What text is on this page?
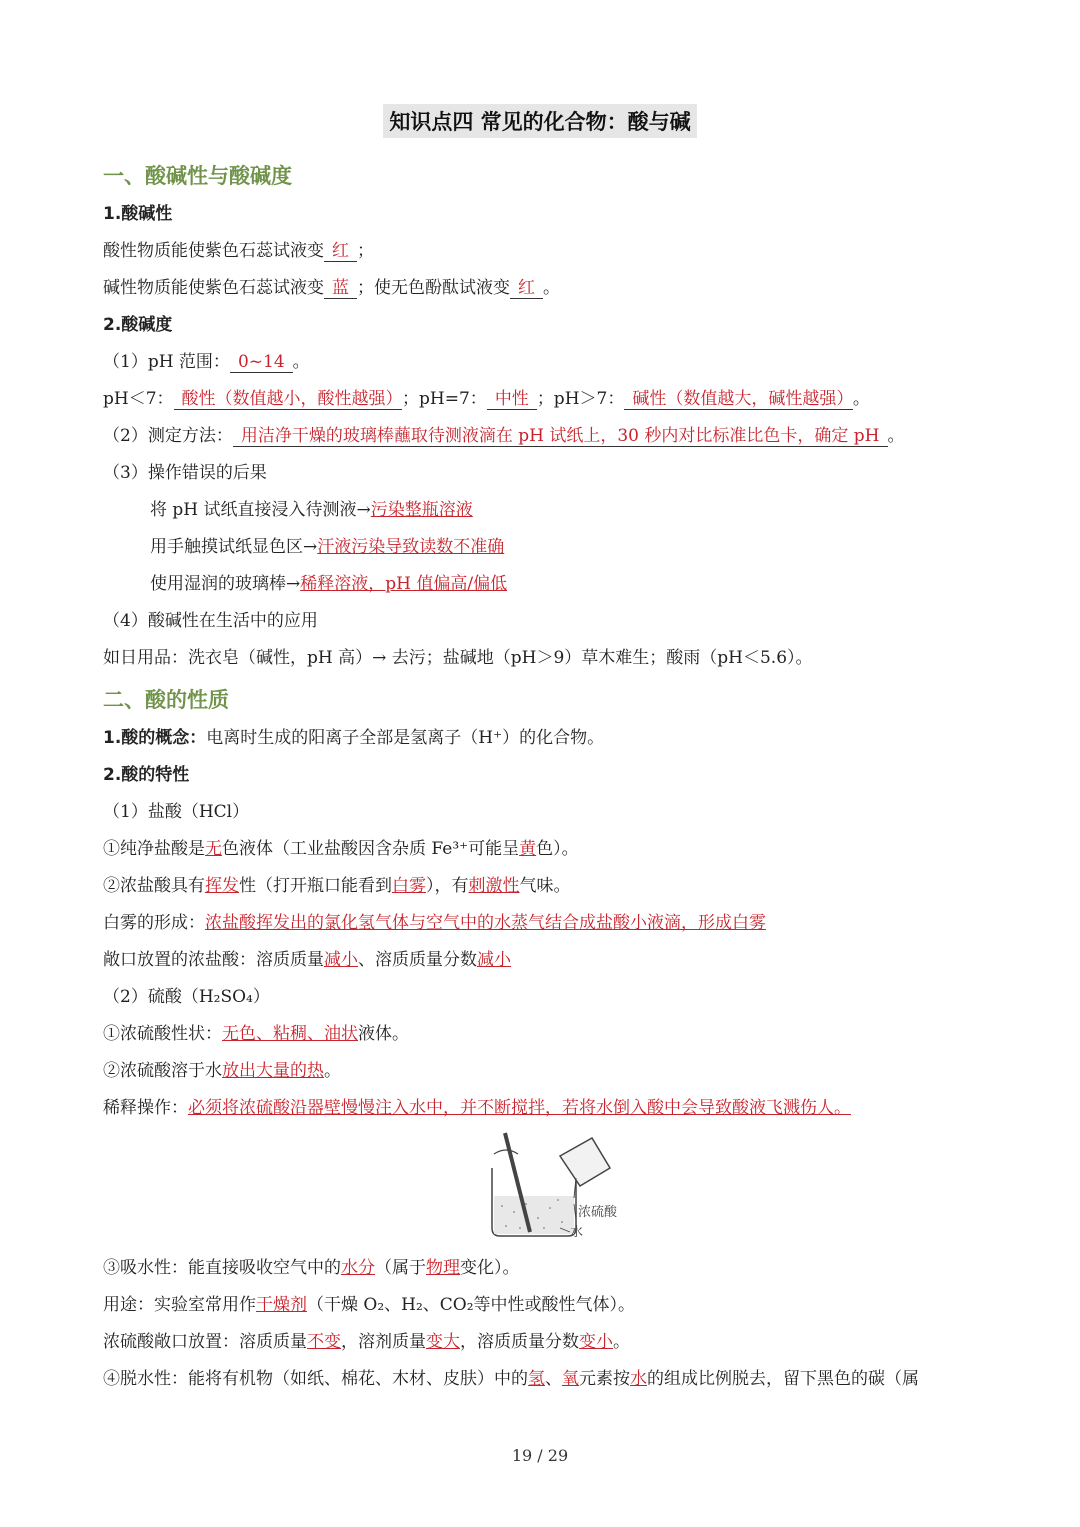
知识点四 常见的化合物：酸与碱
一、酸碱性与酸碱度
1.酸碱性
酸性物质能使紫色石蕊试液变 红 ；
碱性物质能使紫色石蕊试液变 蓝 ；使无色酚酞试液变 红 。
2.酸碱度
（1）pH 范围： 0~14 。
pH＜7： 酸性（数值越小，酸性越强） ；pH=7： 中性 ；pH＞7： 碱性（数值越大，碱性越强） 。
（2）测定方法： 用洁净干燥的玻璃棒蘸取待测液滴在 pH 试纸上，30 秒内对比标准比色卡，确定 pH 。
（3）操作错误的后果
将 pH 试纸直接浸入待测液→污染整瓶溶液
用手触摸试纸显色区→汗液污染导致读数不准确
使用湿润的玻璃棒→稀释溶液，pH 值偏高/偏低
（4）酸碱性在生活中的应用
如日用品：洗衣皂（碱性，pH 高）→ 去污；盐碱地（pH＞9）草木难生；酸雨（pH＜5.6）。
二、酸的性质
1.酸的概念：电离时生成的阳离子全部是氢离子（H⁺）的化合物。
2.酸的特性
（1）盐酸（HCl）
①纯净盐酸是无色液体（工业盐酸因含杂质 Fe³⁺可能呈黄色）。
②浓盐酸具有挥发性（打开瓶口能看到白雾），有刺激性气味。
白雾的形成：浓盐酸挥发出的氯化氢气体与空气中的水蒸气结合成盐酸小液滴，形成白雾
敞口放置的浓盐酸：溶质质量减小、溶质质量分数减小
（2）硫酸（H₂SO₄）
①浓硫酸性状：无色、粘稠、油状液体。
②浓硫酸溶于水放出大量的热。
稀释操作：必须将浓硫酸沿器壁慢慢注入水中，并不断搅拌，若将水倒入酸中会导致酸液飞溅伤人。
浓硫酸
水
③吸水性：能直接吸收空气中的水分（属于物理变化）。
用途：实验室常用作干燥剂（干燥 O₂、H₂、CO₂等中性或酸性气体）。
浓硫酸敞口放置：溶质质量不变，溶剂质量变大，溶质质量分数变小。
④脱水性：能将有机物（如纸、棉花、木材、皮肤）中的氢、氧元素按水的组成比例脱去，留下黑色的碳（属
19 / 29
